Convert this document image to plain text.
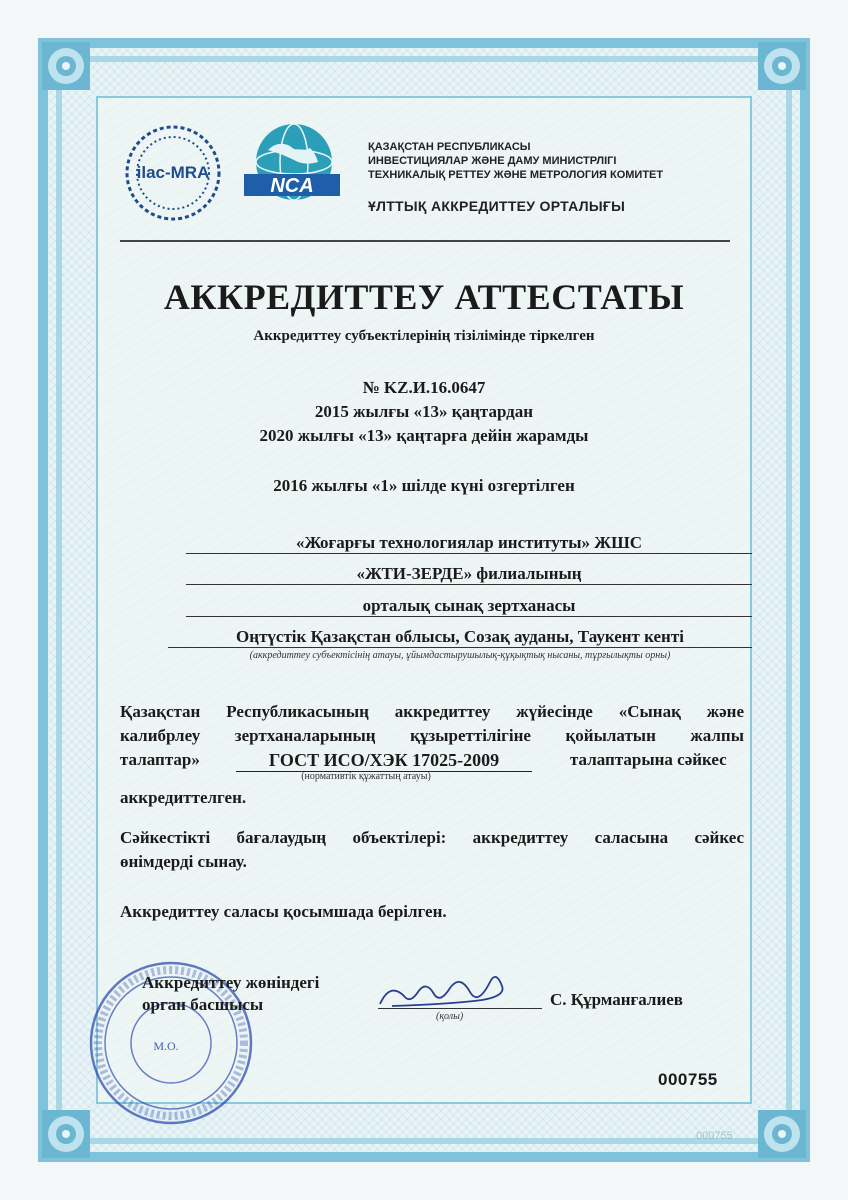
ilac-MRA
NCA
ҚАЗАҚСТАН РЕСПУБЛИКАСЫ
ИНВЕСТИЦИЯЛАР ЖӘНЕ ДАМУ МИНИСТРЛІГІ
ТЕХНИКАЛЫҚ РЕТТЕУ ЖӘНЕ МЕТРОЛОГИЯ КОМИТЕТ
ҰЛТТЫҚ АККРЕДИТТЕУ ОРТАЛЫҒЫ
АККРЕДИТТЕУ АТТЕСТАТЫ
Аккредиттеу субъектілерінің тізілімінде тіркелген
№ KZ.И.16.0647
2015 жылғы «13» қаңтардан
2020 жылғы «13» қаңтарға дейін жарамды
2016 жылғы «1» шілде күні озгертілген
«Жоғарғы технологиялар институты» ЖШС
«ЖТИ-ЗЕРДЕ» филиалының
орталық сынақ зертханасы
Оңтүстік Қазақстан облысы, Созақ ауданы, Таукент кенті
(аккредиттеу субъектісінің атауы, ұйымдастырушылық-құқықтық нысаны, тұрғылықты орны)
Қазақстан Республикасының аккредиттеу жүйесінде «Сынақ және
калибрлеу зертханаларының құзыреттілігіне қойылатын жалпы
талаптар»	ГОСТ ИСО/ХЭК 17025-2009
(нормативтік құжаттың атауы)
талаптарына сәйкес
аккредиттелген.
Сәйкестікті бағалаудың объектілері: аккредиттеу саласына сәйкес
өнімдерді сынау.
Аккредиттеу саласы қосымшада берілген.
М.О.
Аккредиттеу жөніндегі
орган басшысы
(қолы)
С. Құрманғалиев
000755
000755
